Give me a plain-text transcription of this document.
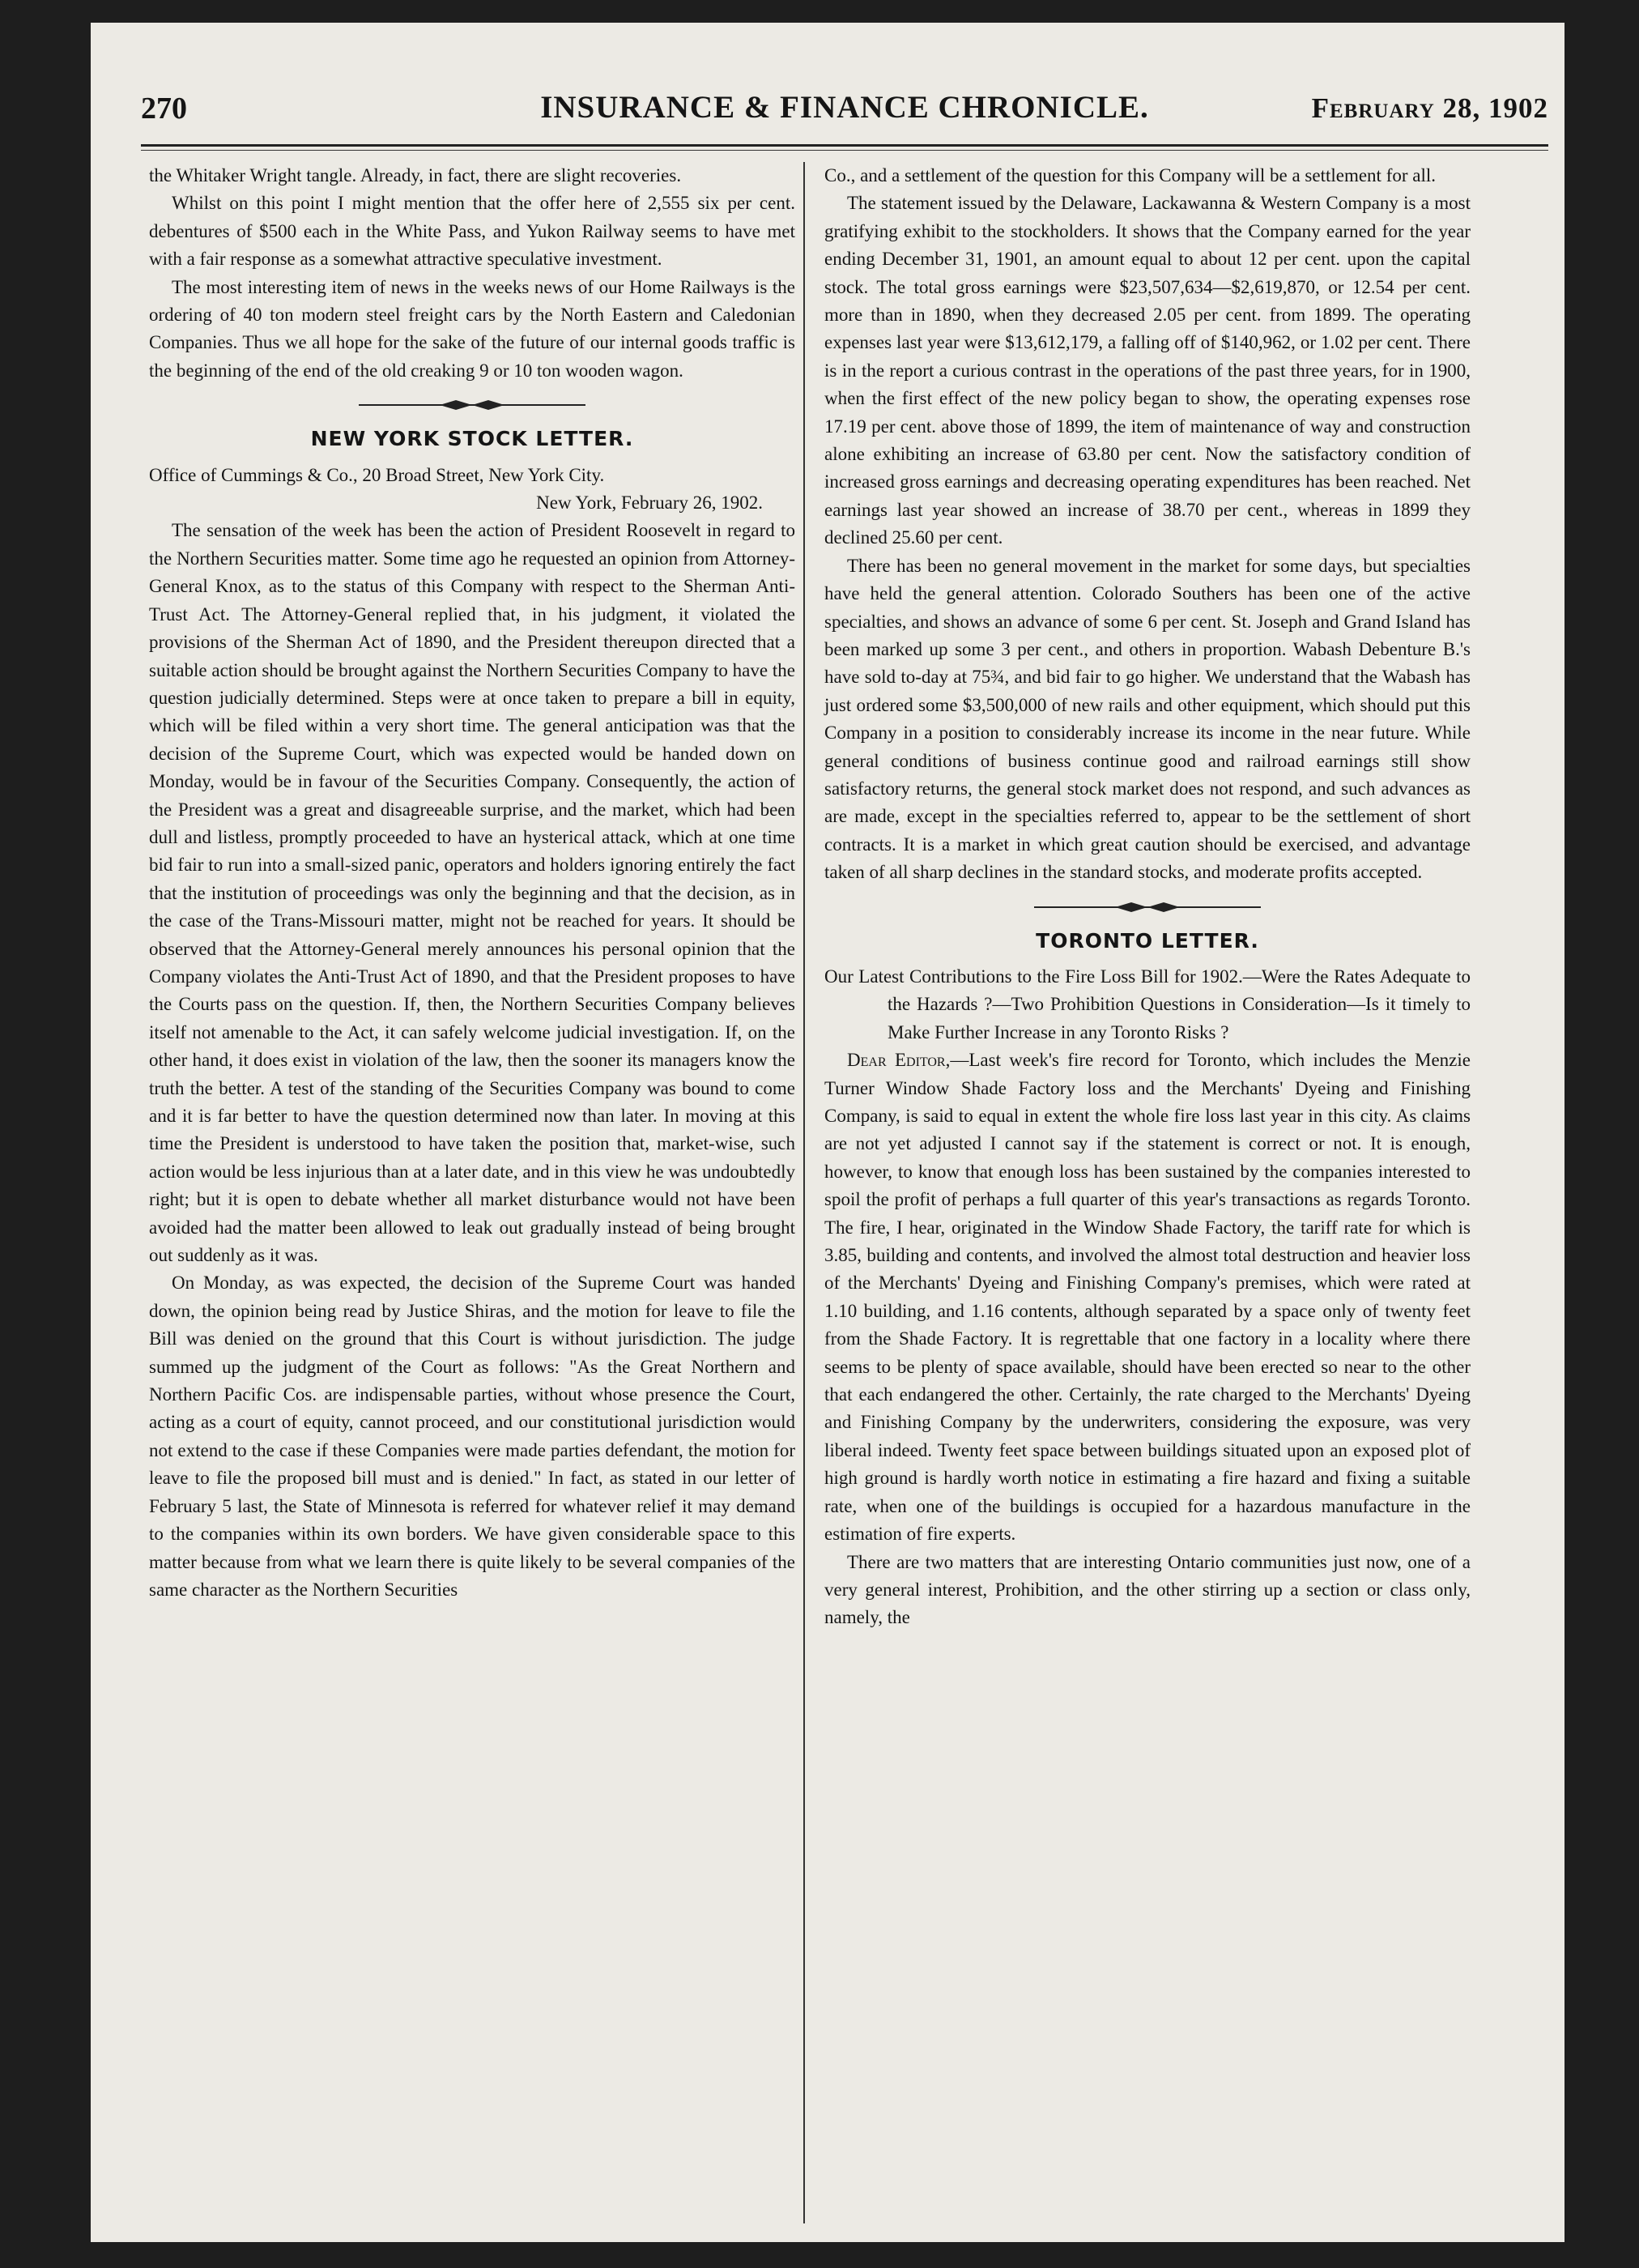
270	INSURANCE & FINANCE CHRONICLE.	February 28, 1902

the Whitaker Wright tangle. Already, in fact, there are slight recoveries.

Whilst on this point I might mention that the offer here of 2,555 six per cent. debentures of $500 each in the White Pass, and Yukon Railway seems to have met with a fair response as a somewhat attractive speculative investment.

The most interesting item of news in the weeks news of our Home Railways is the ordering of 40 ton modern steel freight cars by the North Eastern and Caledonian Companies. Thus we all hope for the sake of the future of our internal goods traffic is the beginning of the end of the old creaking 9 or 10 ton wooden wagon.

NEW YORK STOCK LETTER.

Office of Cummings & Co., 20 Broad Street, New York City.

New York, February 26, 1902.

The sensation of the week has been the action of President Roosevelt in regard to the Northern Securities matter. Some time ago he requested an opinion from Attorney-General Knox, as to the status of this Company with respect to the Sherman Anti-Trust Act. The Attorney-General replied that, in his judgment, it violated the provisions of the Sherman Act of 1890, and the President thereupon directed that a suitable action should be brought against the Northern Securities Company to have the question judicially determined. Steps were at once taken to prepare a bill in equity, which will be filed within a very short time. The general anticipation was that the decision of the Supreme Court, which was expected would be handed down on Monday, would be in favour of the Securities Company. Consequently, the action of the President was a great and disagreeable surprise, and the market, which had been dull and listless, promptly proceeded to have an hysterical attack, which at one time bid fair to run into a small-sized panic, operators and holders ignoring entirely the fact that the institution of proceedings was only the beginning and that the decision, as in the case of the Trans-Missouri matter, might not be reached for years. It should be observed that the Attorney-General merely announces his personal opinion that the Company violates the Anti-Trust Act of 1890, and that the President proposes to have the Courts pass on the question. If, then, the Northern Securities Company believes itself not amenable to the Act, it can safely welcome judicial investigation. If, on the other hand, it does exist in violation of the law, then the sooner its managers know the truth the better. A test of the standing of the Securities Company was bound to come and it is far better to have the question determined now than later. In moving at this time the President is understood to have taken the position that, market-wise, such action would be less injurious than at a later date, and in this view he was undoubtedly right; but it is open to debate whether all market disturbance would not have been avoided had the matter been allowed to leak out gradually instead of being brought out suddenly as it was.

On Monday, as was expected, the decision of the Supreme Court was handed down, the opinion being read by Justice Shiras, and the motion for leave to file the Bill was denied on the ground that this Court is without jurisdiction. The judge summed up the judgment of the Court as follows: "As the Great Northern and Northern Pacific Cos. are indispensable parties, without whose presence the Court, acting as a court of equity, cannot proceed, and our constitutional jurisdiction would not extend to the case if these Companies were made parties defendant, the motion for leave to file the proposed bill must and is denied." In fact, as stated in our letter of February 5 last, the State of Minnesota is referred for whatever relief it may demand to the companies within its own borders. We have given considerable space to this matter because from what we learn there is quite likely to be several companies of the same character as the Northern Securities

Co., and a settlement of the question for this Company will be a settlement for all.

The statement issued by the Delaware, Lackawanna & Western Company is a most gratifying exhibit to the stockholders. It shows that the Company earned for the year ending December 31, 1901, an amount equal to about 12 per cent. upon the capital stock. The total gross earnings were $23,507,634—$2,619,870, or 12.54 per cent. more than in 1890, when they decreased 2.05 per cent. from 1899. The operating expenses last year were $13,612,179, a falling off of $140,962, or 1.02 per cent. There is in the report a curious contrast in the operations of the past three years, for in 1900, when the first effect of the new policy began to show, the operating expenses rose 17.19 per cent. above those of 1899, the item of maintenance of way and construction alone exhibiting an increase of 63.80 per cent. Now the satisfactory condition of increased gross earnings and decreasing operating expenditures has been reached. Net earnings last year showed an increase of 38.70 per cent., whereas in 1899 they declined 25.60 per cent.

There has been no general movement in the market for some days, but specialties have held the general attention. Colorado Southers has been one of the active specialties, and shows an advance of some 6 per cent. St. Joseph and Grand Island has been marked up some 3 per cent., and others in proportion. Wabash Debenture B.'s have sold to-day at 75¾, and bid fair to go higher. We understand that the Wabash has just ordered some $3,500,000 of new rails and other equipment, which should put this Company in a position to considerably increase its income in the near future. While general conditions of business continue good and railroad earnings still show satisfactory returns, the general stock market does not respond, and such advances as are made, except in the specialties referred to, appear to be the settlement of short contracts. It is a market in which great caution should be exercised, and advantage taken of all sharp declines in the standard stocks, and moderate profits accepted.

TORONTO LETTER.

Our Latest Contributions to the Fire Loss Bill for 1902.—Were the Rates Adequate to the Hazards ?—Two Prohibition Questions in Consideration—Is it timely to Make Further Increase in any Toronto Risks ?

Dear Editor,—Last week's fire record for Toronto, which includes the Menzie Turner Window Shade Factory loss and the Merchants' Dyeing and Finishing Company, is said to equal in extent the whole fire loss last year in this city. As claims are not yet adjusted I cannot say if the statement is correct or not. It is enough, however, to know that enough loss has been sustained by the companies interested to spoil the profit of perhaps a full quarter of this year's transactions as regards Toronto. The fire, I hear, originated in the Window Shade Factory, the tariff rate for which is 3.85, building and contents, and involved the almost total destruction and heavier loss of the Merchants' Dyeing and Finishing Company's premises, which were rated at 1.10 building, and 1.16 contents, although separated by a space only of twenty feet from the Shade Factory. It is regrettable that one factory in a locality where there seems to be plenty of space available, should have been erected so near to the other that each endangered the other. Certainly, the rate charged to the Merchants' Dyeing and Finishing Company by the underwriters, considering the exposure, was very liberal indeed. Twenty feet space between buildings situated upon an exposed plot of high ground is hardly worth notice in estimating a fire hazard and fixing a suitable rate, when one of the buildings is occupied for a hazardous manufacture in the estimation of fire experts.

There are two matters that are interesting Ontario communities just now, one of a very general interest, Prohibition, and the other stirring up a section or class only, namely, the
